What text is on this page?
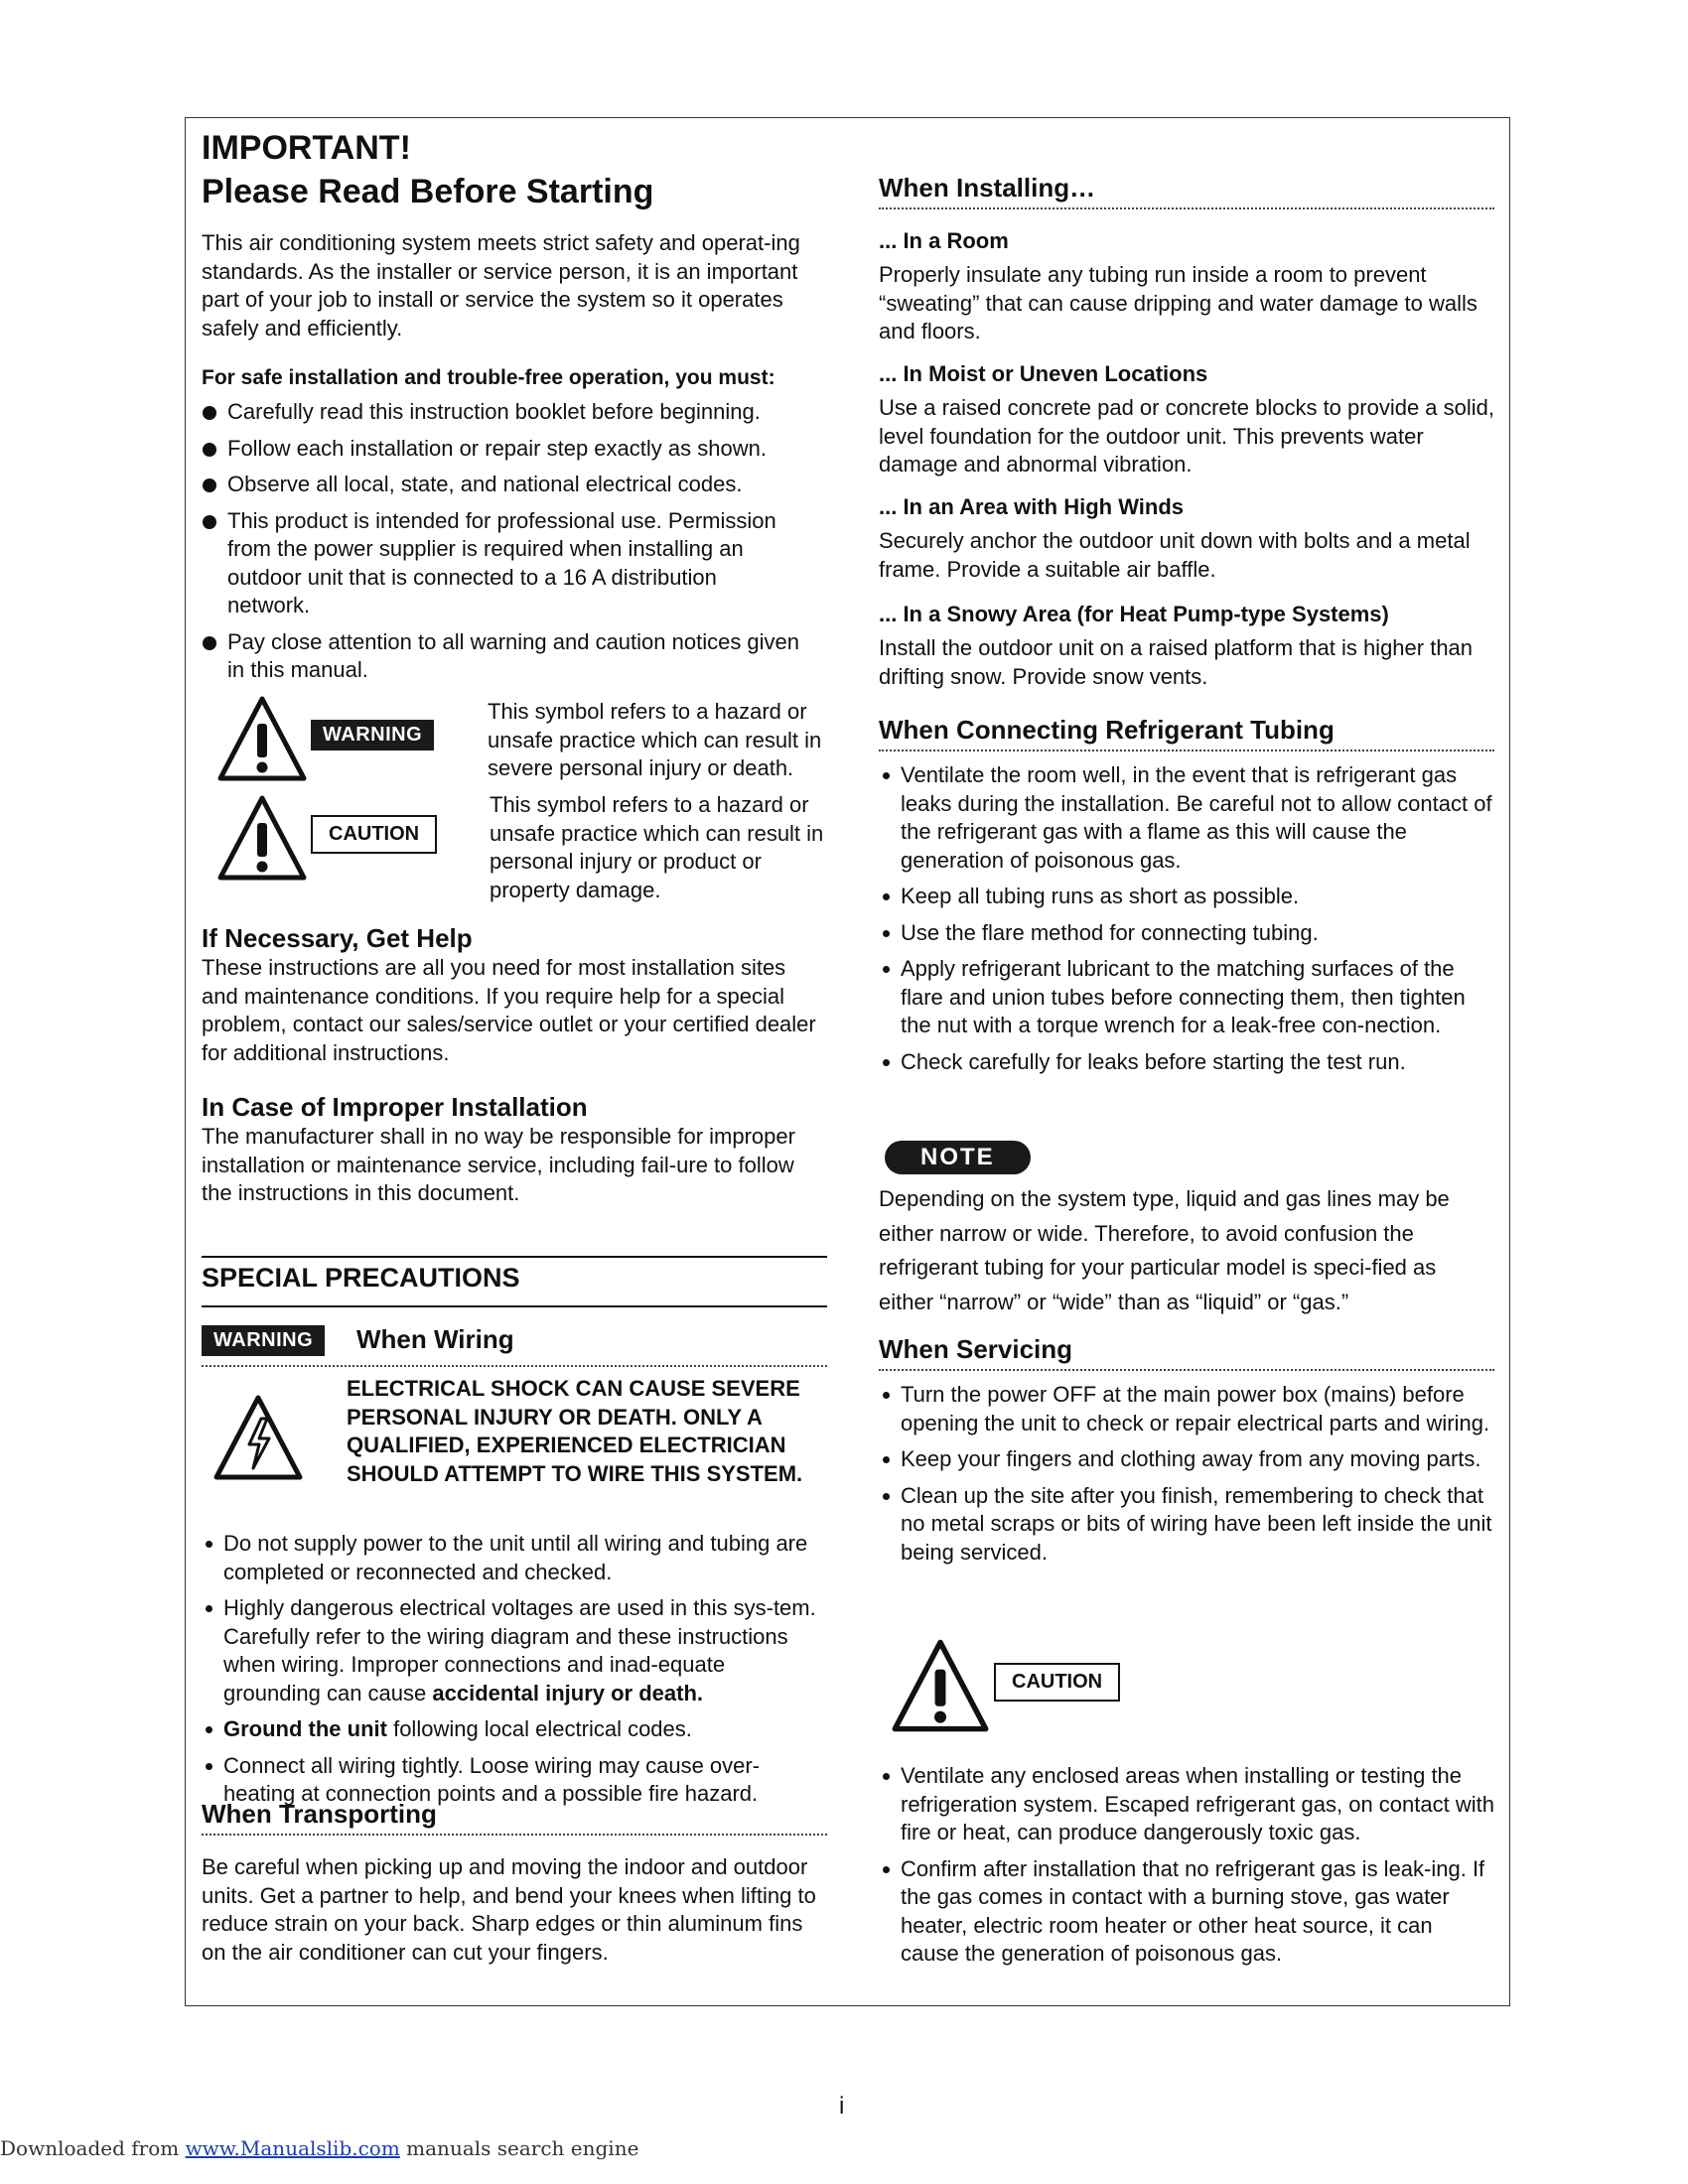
IMPORTANT!
Please Read Before Starting

This air conditioning system meets strict safety and operat-ing standards. As the installer or service person, it is an important part of your job to install or service the system so it operates safely and efficiently.

For safe installation and trouble-free operation, you must:

Carefully read this instruction booklet before beginning.
Follow each installation or repair step exactly as shown.
Observe all local, state, and national electrical codes.
This product is intended for professional use. Permission from the power supplier is required when installing an outdoor unit that is connected to a 16 A distribution network.
Pay close attention to all warning and caution notices given in this manual.
WARNING

This symbol refers to a hazard or unsafe practice which can result in severe personal injury or death.

CAUTION

This symbol refers to a hazard or unsafe practice which can result in personal injury or product or property damage.

If Necessary, Get Help

These instructions are all you need for most installation sites and maintenance conditions. If you require help for a special problem, contact our sales/service outlet or your certified dealer for additional instructions.

In Case of Improper Installation

The manufacturer shall in no way be responsible for improper installation or maintenance service, including fail-ure to follow the instructions in this document.

SPECIAL PRECAUTIONS

WARNING	When Wiring

ELECTRICAL SHOCK CAN CAUSE SEVERE PERSONAL INJURY OR DEATH. ONLY A QUALIFIED, EXPERIENCED ELECTRICIAN SHOULD ATTEMPT TO WIRE THIS SYSTEM.

Do not supply power to the unit until all wiring and tubing are completed or reconnected and checked.
Highly dangerous electrical voltages are used in this sys-tem. Carefully refer to the wiring diagram and these instructions when wiring. Improper connections and inad-equate grounding can cause accidental injury or death.
Ground the unit following local electrical codes.
Connect all wiring tightly. Loose wiring may cause over-heating at connection points and a possible fire hazard.
When Transporting

Be careful when picking up and moving the indoor and outdoor units. Get a partner to help, and bend your knees when lifting to reduce strain on your back. Sharp edges or thin aluminum fins on the air conditioner can cut your fingers.

When Installing…

... In a Room

Properly insulate any tubing run inside a room to prevent “sweating” that can cause dripping and water damage to walls and floors.

... In Moist or Uneven Locations

Use a raised concrete pad or concrete blocks to provide a solid, level foundation for the outdoor unit. This prevents water damage and abnormal vibration.

... In an Area with High Winds

Securely anchor the outdoor unit down with bolts and a metal frame. Provide a suitable air baffle.

... In a Snowy Area (for Heat Pump-type Systems)

Install the outdoor unit on a raised platform that is higher than drifting snow. Provide snow vents.

When Connecting Refrigerant Tubing
Ventilate the room well, in the event that is refrigerant gas leaks during the installation. Be careful not to allow contact of the refrigerant gas with a flame as this will cause the generation of poisonous gas.
Keep all tubing runs as short as possible.
Use the flare method for connecting tubing.
Apply refrigerant lubricant to the matching surfaces of the flare and union tubes before connecting them, then tighten the nut with a torque wrench for a leak-free con-nection.
Check carefully for leaks before starting the test run.
NOTE

Depending on the system type, liquid and gas lines may be either narrow or wide. Therefore, to avoid confusion the refrigerant tubing for your particular model is speci-fied as either “narrow” or “wide” than as “liquid” or “gas.”

When Servicing
Turn the power OFF at the main power box (mains) before opening the unit to check or repair electrical parts and wiring.
Keep your fingers and clothing away from any moving parts.
Clean up the site after you finish, remembering to check that no metal scraps or bits of wiring have been left inside the unit being serviced.
CAUTION
Ventilate any enclosed areas when installing or testing the refrigeration system. Escaped refrigerant gas, on contact with fire or heat, can produce dangerously toxic gas.
Confirm after installation that no refrigerant gas is leak-ing. If the gas comes in contact with a burning stove, gas water heater, electric room heater or other heat source, it can cause the generation of poisonous gas.
i
Downloaded from www.Manualslib.com manuals search engine
